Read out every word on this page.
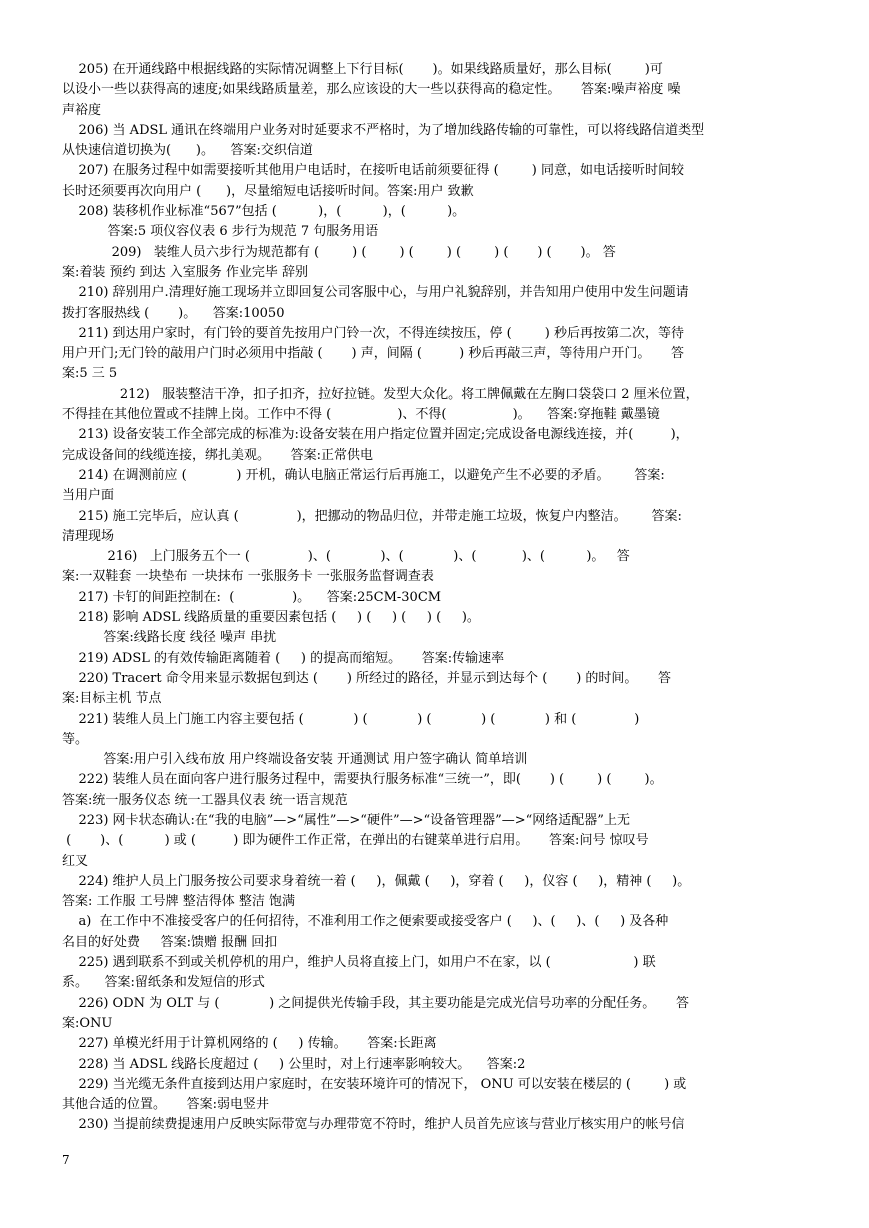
205) 在开通线路中根据线路的实际情况调整上下行目标(       )。如果线路质量好，那么目标(        )可
以设小一些以获得高的速度;如果线路质量差，那么应该设的大一些以获得高的稳定性。     答案:噪声裕度 噪
声裕度
206) 当 ADSL 通讯在终端用户业务对时延要求不严格时，为了增加线路传输的可靠性，可以将线路信道类型
从快速信道切换为(      )。    答案:交织信道
207) 在服务过程中如需要接听其他用户电话时，在接听电话前须要征得 (        ) 同意，如电话接听时间较
长时还须要再次向用户 (      )，尽量缩短电话接听时间。答案:用户 致歉
208) 装移机作业标准“567”包括 (          )，(          )，(          )。
答案:5 项仪容仪表 6 步行为规范 7 句服务用语
209)   装维人员六步行为规范都有 (        ) (        ) (        ) (        ) (       ) (       )。 答
案:着装 预约 到达 入室服务 作业完毕 辞别
210) 辞别用户.清理好施工现场并立即回复公司客服中心，与用户礼貌辞别，并告知用户使用中发生问题请
拨打客服热线 (       )。    答案:10050
211) 到达用户家时，有门铃的要首先按用户门铃一次，不得连续按压，停 (        ) 秒后再按第二次，等待
用户开门;无门铃的敲用户门时必须用中指敲 (       ) 声，间隔 (         ) 秒后再敲三声，等待用户开门。     答
案:5 三 5
212)   服装整洁干净，扣子扣齐，拉好拉链。发型大众化。将工牌佩戴在左胸口袋袋口 2 厘米位置，
不得挂在其他位置或不挂牌上岗。工作中不得 (                )、不得(                )。    答案:穿拖鞋 戴墨镜
213) 设备安装工作全部完成的标准为:设备安装在用户指定位置并固定;完成设备电源线连接，并(         )，
完成设备间的线缆连接，绑扎美观。     答案:正常供电
214) 在调测前应 (            ) 开机，确认电脑正常运行后再施工，以避免产生不必要的矛盾。      答案:
当用户面
215) 施工完毕后，应认真 (              )，把挪动的物品归位，并带走施工垃圾，恢复户内整洁。      答案:
清理现场
216)   上门服务五个一 (              )、(            )、(            )、(           )、(          )。   答
案:一双鞋套 一块垫布 一块抹布 一张服务卡 一张服务监督调查表
217) 卡钉的间距控制在:  (              )。    答案:25CM-30CM
218) 影响 ADSL 线路质量的重要因素包括 (     ) (     ) (     ) (     )。
答案:线路长度 线径 噪声 串扰
219) ADSL 的有效传输距离随着 (     ) 的提高而缩短。     答案:传输速率
220) Tracert 命令用来显示数据包到达 (       ) 所经过的路径，并显示到达每个 (       ) 的时间。     答
案:目标主机 节点
221) 装维人员上门施工内容主要包括 (            ) (            ) (            ) (            ) 和 (              )
等。
答案:用户引入线布放 用户终端设备安装 开通测试 用户签字确认 简单培训
222) 装维人员在面向客户进行服务过程中，需要执行服务标准“三统一”，即(       ) (        ) (        )。
答案:统一服务仪态 统一工器具仪表 统一语言规范
223) 网卡状态确认:在“我的电脑”—>“属性”—>“硬件”—>“设备管理器”—>“网络适配器”上无
(       )、(          ) 或 (         ) 即为硬件工作正常，在弹出的右键菜单进行启用。     答案:问号 惊叹号
红叉
224) 维护人员上门服务按公司要求身着统一着 (     )，佩戴 (     )，穿着 (     )，仪容 (     )，精神 (     )。
答案: 工作服 工号牌 整洁得体 整洁 饱满
a)  在工作中不准接受客户的任何招待，不准利用工作之便索要或接受客户 (     )、(     )、(     ) 及各种
名目的好处费     答案:馈赠 报酬 回扣
225) 遇到联系不到或关机停机的用户，维护人员将直接上门，如用户不在家，以 (                    ) 联
系。    答案:留纸条和发短信的形式
226) ODN 为 OLT 与 (            ) 之间提供光传输手段，其主要功能是完成光信号功率的分配任务。     答
案:ONU
227) 单模光纤用于计算机网络的 (     ) 传输。     答案:长距离
228) 当 ADSL 线路长度超过 (     ) 公里时，对上行速率影响较大。    答案:2
229) 当光缆无条件直接到达用户家庭时，在安装环境许可的情况下， ONU 可以安装在楼层的 (        ) 或
其他合适的位置。     答案:弱电竖井
230) 当提前续费提速用户反映实际带宽与办理带宽不符时，维护人员首先应该与营业厅核实用户的帐号信
7
